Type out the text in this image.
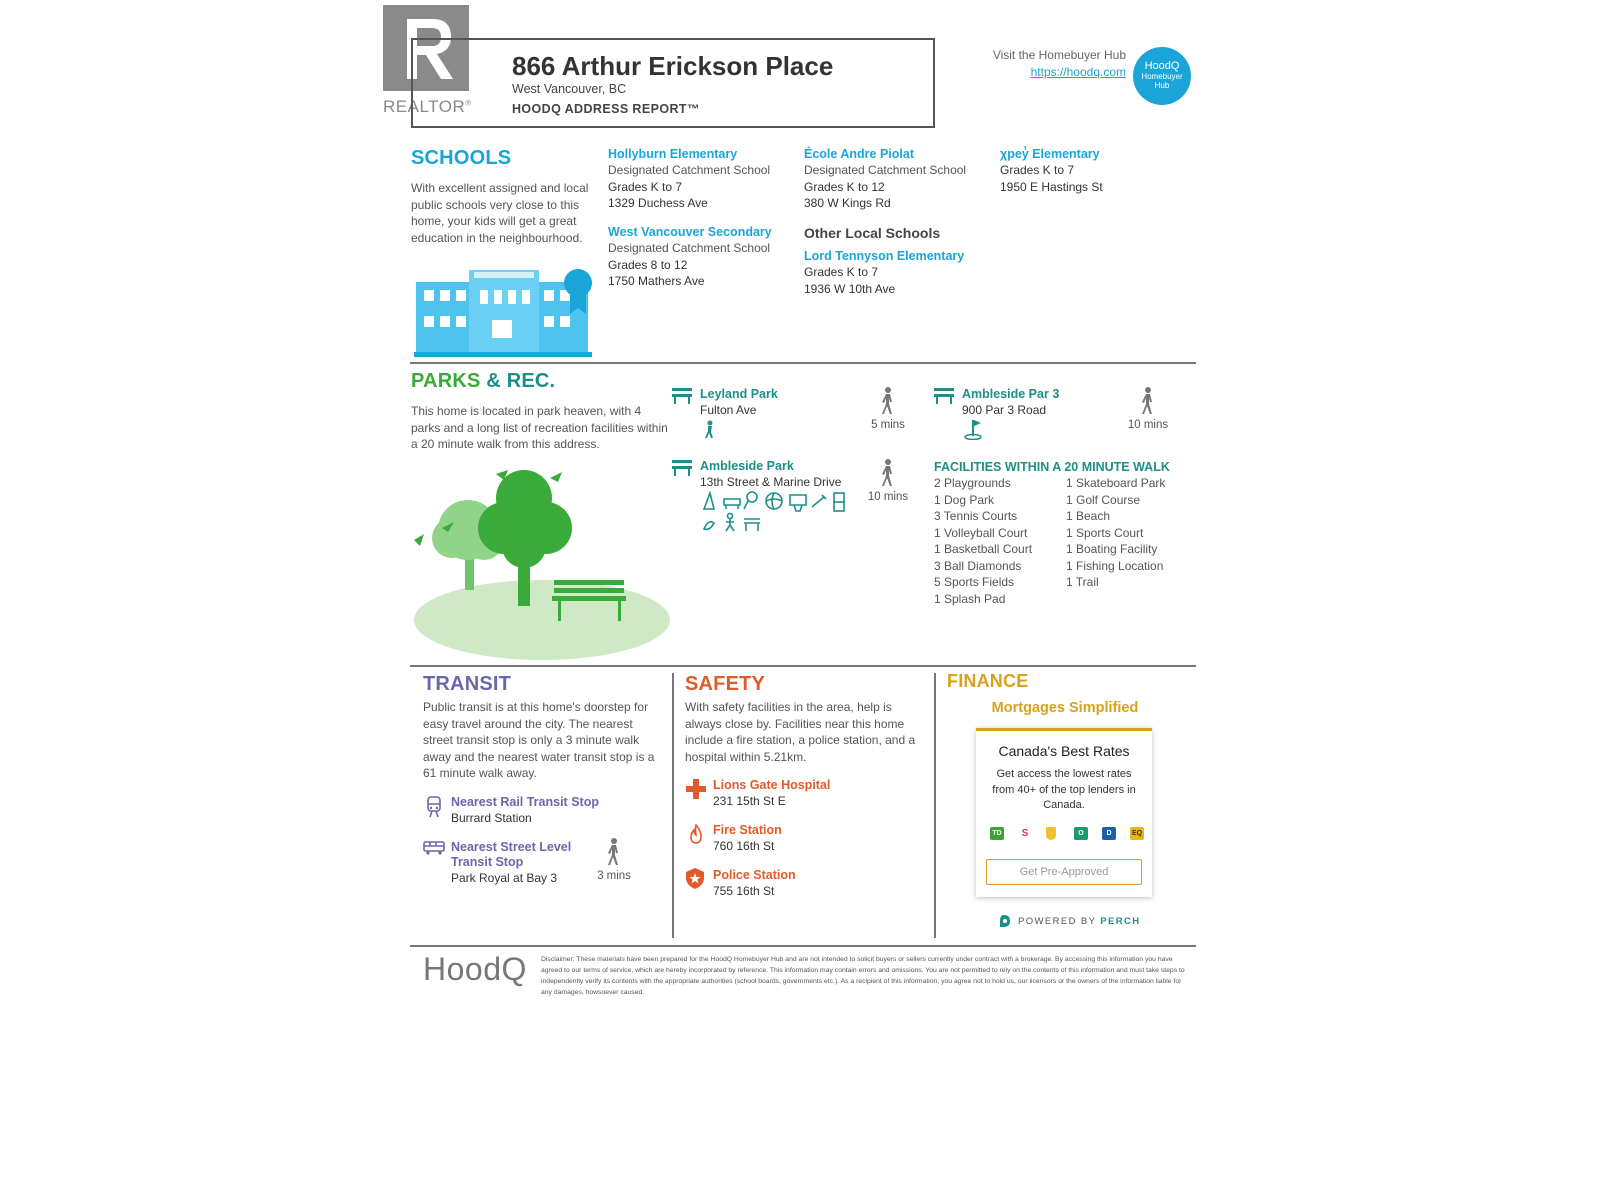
REALTOR®
866 Arthur Erickson Place
West Vancouver, BC
HOODQ ADDRESS REPORT™
Visit the Homebuyer Hub
https://hoodq.com	HoodQ
Homebuyer
Hub
SCHOOLS
With excellent assigned and local public schools very close to this home, your kids will get a great education in the neighbourhood.
Hollyburn Elementary
Designated Catchment School
Grades K to 7
1329 Duchess Ave
West Vancouver Secondary
Designated Catchment School
Grades 8 to 12
1750 Mathers Ave
École Andre Piolat
Designated Catchment School
Grades K to 12
380 W Kings Rd
Other Local Schools
Lord Tennyson Elementary
Grades K to 7
1936 W 10th Ave
χpey̓ Elementary
Grades K to 7
1950 E Hastings St
PARKS & REC.
This home is located in park heaven, with 4 parks and a long list of recreation facilities within a 20 minute walk from this address.
Leyland Park
Fulton Ave
5 mins
Ambleside Par 3
900 Par 3 Road
10 mins
Ambleside Park
13th Street & Marine Drive
10 mins
FACILITIES WITHIN A 20 MINUTE WALK
2 Playgrounds
1 Dog Park
3 Tennis Courts
1 Volleyball Court
1 Basketball Court
3 Ball Diamonds
5 Sports Fields
1 Splash Pad
1 Skateboard Park
1 Golf Course
1 Beach
1 Sports Court
1 Boating Facility
1 Fishing Location
1 Trail
TRANSIT
Public transit is at this home's doorstep for easy travel around the city. The nearest street transit stop is only a 3 minute walk away and the nearest water transit stop is a 61 minute walk away.
Nearest Rail Transit Stop
Burrard Station
Nearest Street Level
Transit Stop
Park Royal at Bay 3	3 mins
SAFETY
With safety facilities in the area, help is always close by. Facilities near this home include a fire station, a police station, and a hospital within 5.21km.
Lions Gate Hospital
231 15th St E
Fire Station
760 16th St
Police Station
755 16th St
FINANCE
Mortgages Simplified
Canada's Best Rates
Get access the lowest rates from 40+ of the top lenders in Canada.
TD	S	O	D	EQ
Get Pre-Approved
POWERED BY PERCH
HoodQ Disclaimer: These materials have been prepared for the HoodQ Homebuyer Hub and are not intended to solicit buyers or sellers currently under contract with a brokerage. By accessing this information you have agreed to our terms of service, which are hereby incorporated by reference. This information may contain errors and omissions. You are not permitted to rely on the contents of this information and must take steps to independently verify its contents with the appropriate authorities (school boards, governments etc.). As a recipient of this information, you agree not to hold us, our licensors or the owners of the information liable for any damages, howsoever caused.
